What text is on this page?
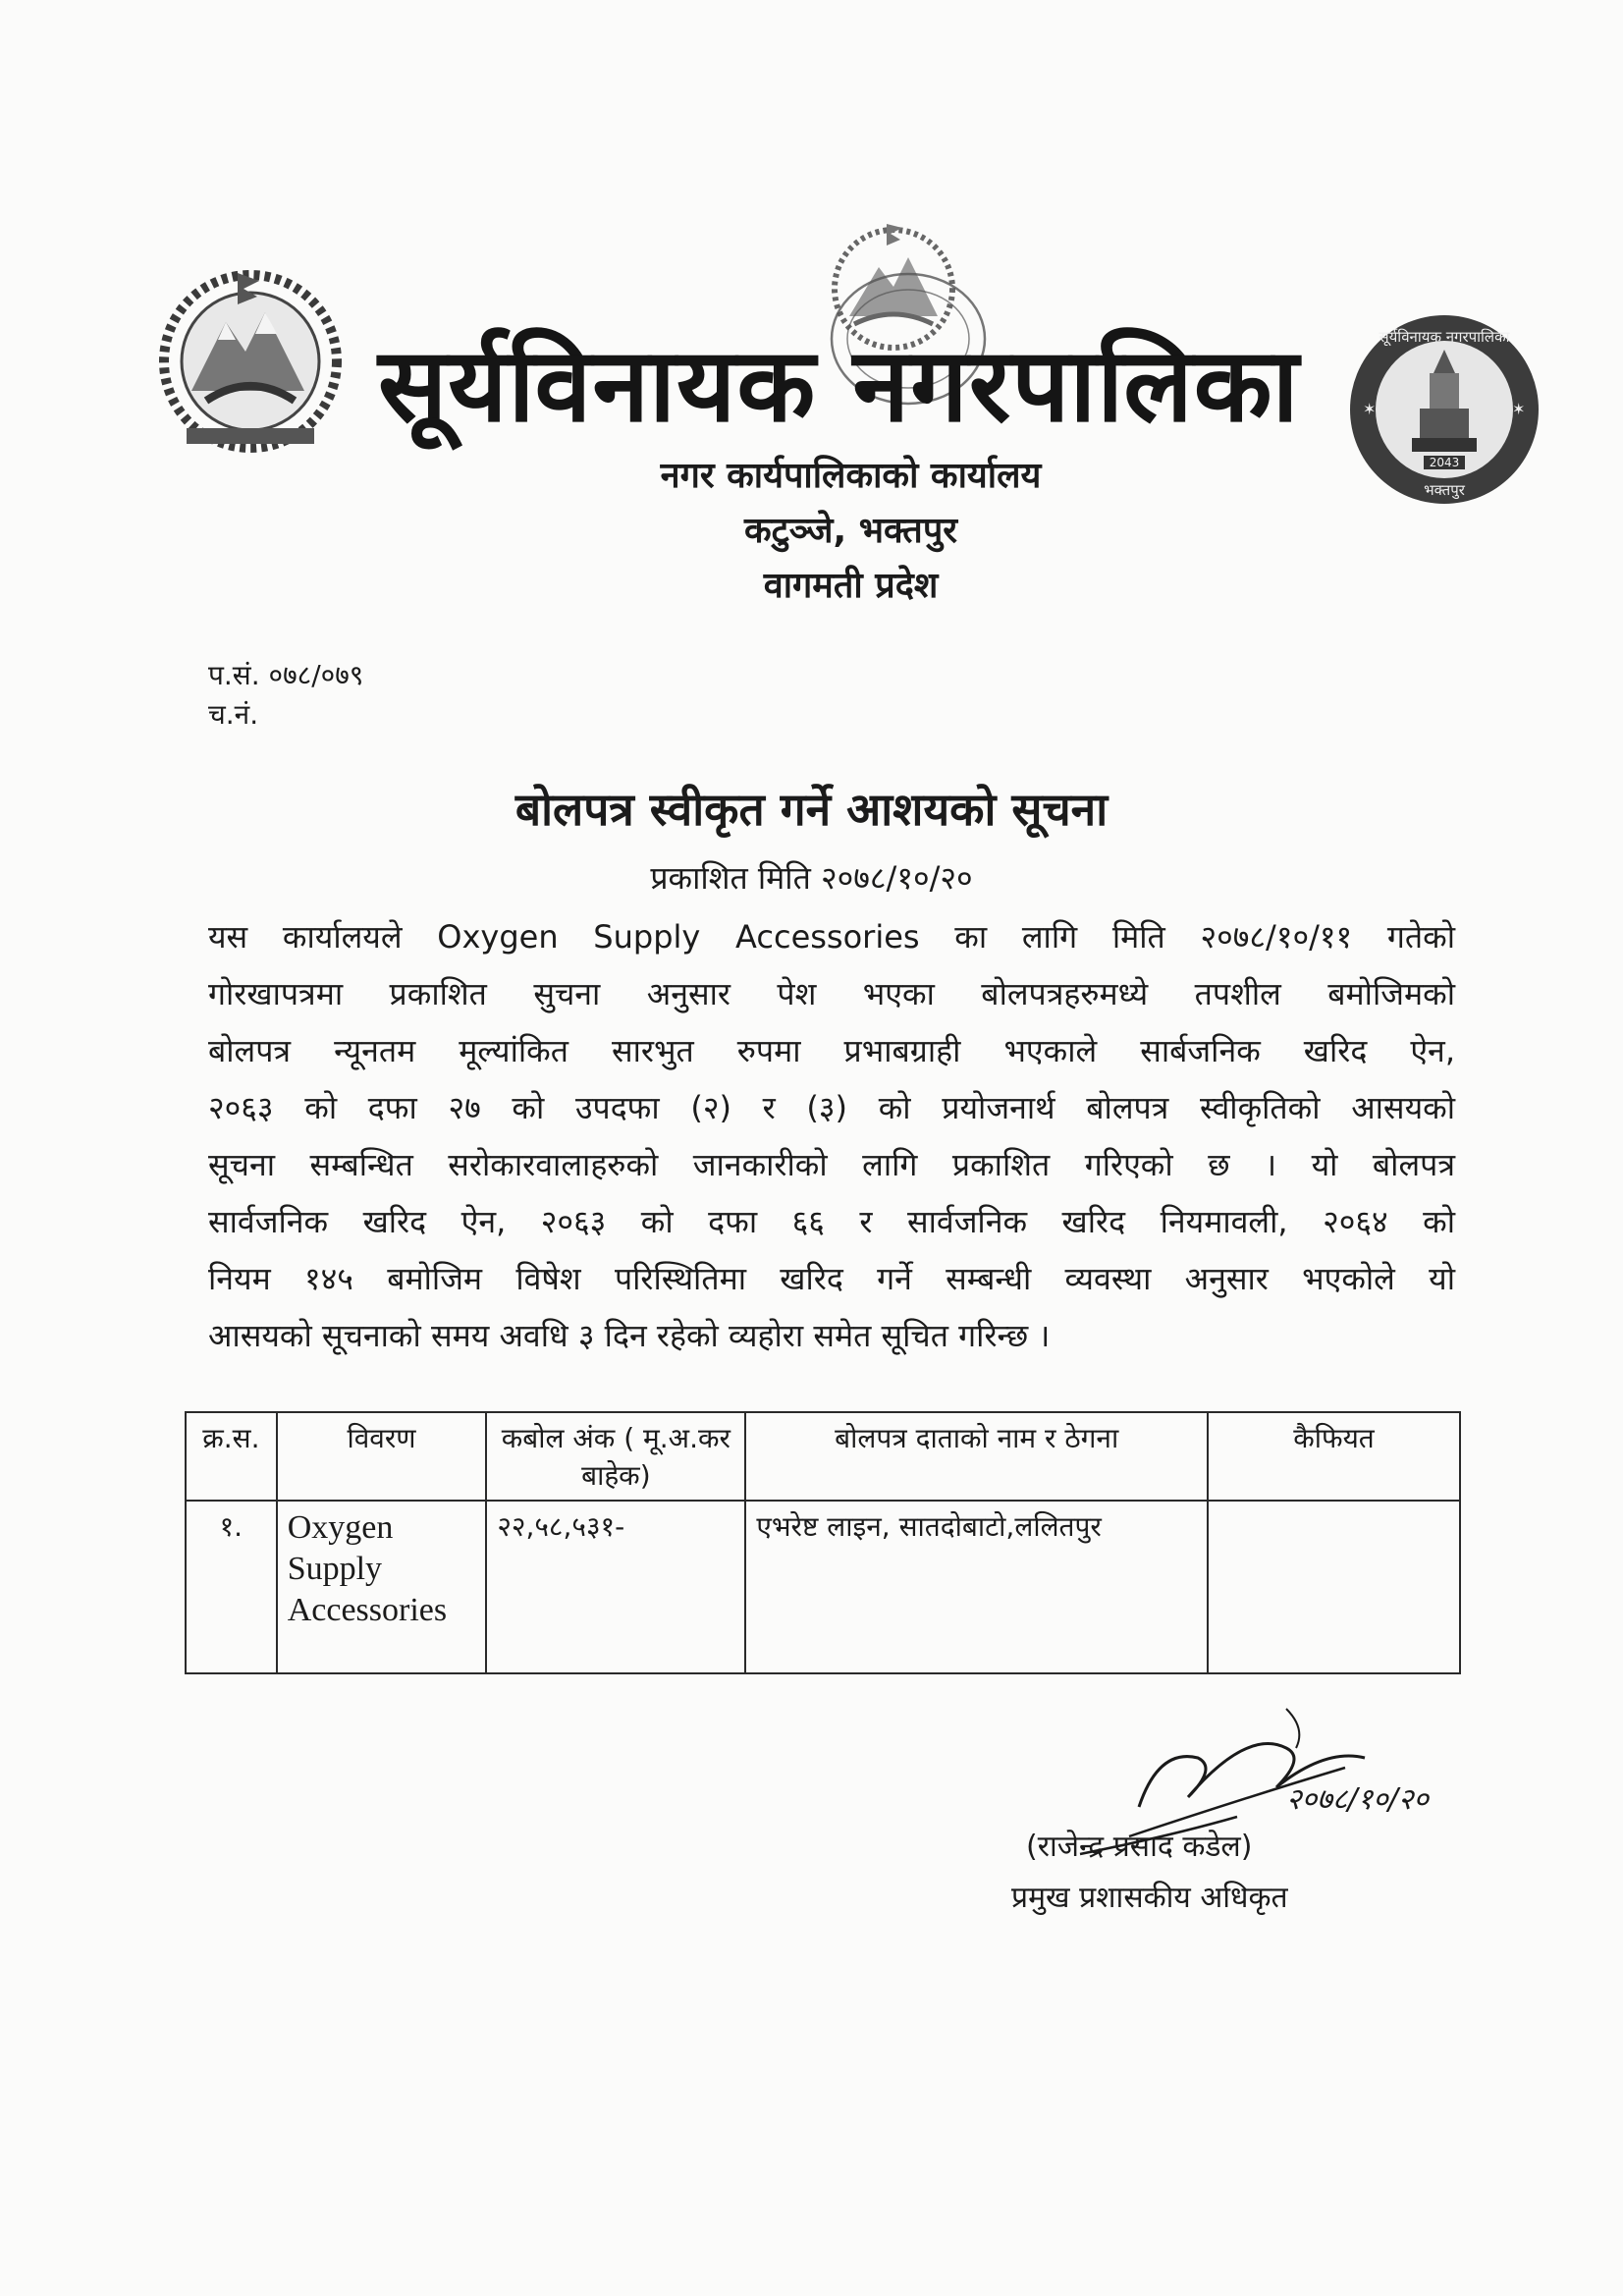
सूर्यविनायक नगरपालिका
2043
सूर्यविनायक नगरपालिका
भक्तपुर
✶	✶
नगर कार्यपालिकाको कार्यालय
कटुञ्जे, भक्तपुर
वागमती प्रदेश
प.सं. ०७८/०७९
च.नं.
बोलपत्र स्वीकृत गर्ने आशयको सूचना
प्रकाशित मिति २०७८/१०/२०
यस कार्यालयले Oxygen Supply Accessories का लागि मिति २०७८/१०/११ गतेको
गोरखापत्रमा प्रकाशित सुचना अनुसार पेश भएका बोलपत्रहरुमध्ये तपशील बमोजिमको
बोलपत्र न्यूनतम मूल्यांकित सारभुत रुपमा प्रभाबग्राही भएकाले सार्बजनिक खरिद ऐन,
२०६३ को दफा २७ को उपदफा (२) र (३) को प्रयोजनार्थ बोलपत्र स्वीकृतिको आसयको
सूचना सम्बन्धित सरोकारवालाहरुको जानकारीको लागि प्रकाशित गरिएको छ । यो बोलपत्र
सार्वजनिक खरिद ऐन, २०६३ को दफा ६६ र सार्वजनिक खरिद नियमावली, २०६४ को
नियम १४५ बमोजिम विषेश परिस्थितिमा खरिद गर्ने सम्बन्धी व्यवस्था अनुसार भएकोले यो
आसयको सूचनाको समय अवधि ३ दिन रहेको व्यहोरा समेत सूचित गरिन्छ ।
क्र.स.	विवरण	कबोल अंक ( मू.अ.कर बाहेक)	बोलपत्र दाताको नाम र ठेगना	कैफियत
१.	Oxygen Supply Accessories	२२,५८,५३१-	एभरेष्ट लाइन, सातदोबाटो,ललितपुर	
२०७८/१०/२०
(राजेन्द्र प्रसाद कडेल)
प्रमुख प्रशासकीय अधिकृत
